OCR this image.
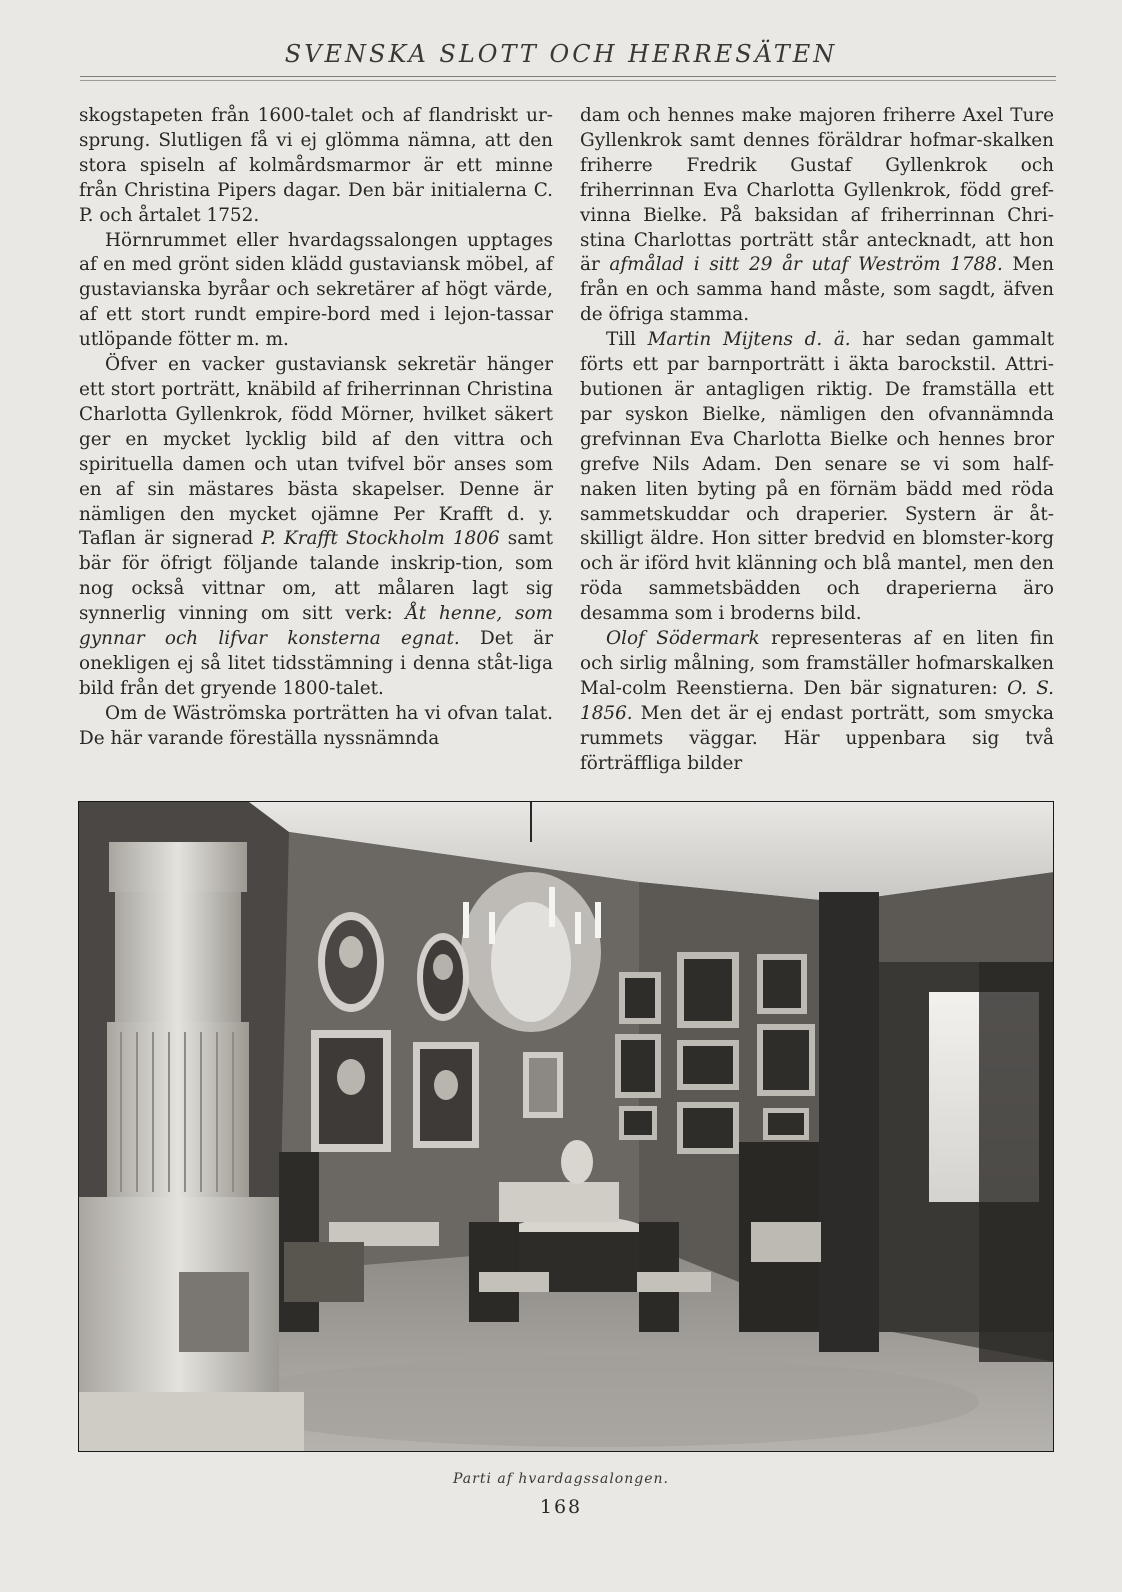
SVENSKA SLOTT OCH HERRESÄTEN

skogstapeten från 1600-talet och af flandriskt ur-sprung. Slutligen få vi ej glömma nämna, att den stora spiseln af kolmårdsmarmor är ett minne från Christina Pipers dagar. Den bär initialerna C. P. och årtalet 1752.

Hörnrummet eller hvardagssalongen upptages af en med grönt siden klädd gustaviansk möbel, af gustavianska byråar och sekretärer af högt värde, af ett stort rundt empire-bord med i lejon-tassar utlöpande fötter m. m.

Öfver en vacker gustaviansk sekretär hänger ett stort porträtt, knäbild af friherrinnan Christina Charlotta Gyllenkrok, född Mörner, hvilket säkert ger en mycket lycklig bild af den vittra och spirituella damen och utan tvifvel bör anses som en af sin mästares bästa skapelser. Denne är nämligen den mycket ojämne Per Krafft d. y. Taflan är signerad P. Krafft Stockholm 1806 samt bär för öfrigt följande talande inskrip-tion, som nog också vittnar om, att målaren lagt sig synnerlig vinning om sitt verk: Åt henne, som gynnar och lifvar konsterna egnat. Det är onekligen ej så litet tidsstämning i denna ståt-liga bild från det gryende 1800-talet.

Om de Wäströmska porträtten ha vi ofvan talat. De här varande föreställa nyssnämnda

dam och hennes make majoren friherre Axel Ture Gyllenkrok samt dennes föräldrar hofmar-skalken friherre Fredrik Gustaf Gyllenkrok och friherrinnan Eva Charlotta Gyllenkrok, född gref-vinna Bielke. På baksidan af friherrinnan Chri-stina Charlottas porträtt står antecknadt, att hon är afmålad i sitt 29 år utaf Weström 1788. Men från en och samma hand måste, som sagdt, äfven de öfriga stamma.

Till Martin Mijtens d. ä. har sedan gammalt förts ett par barnporträtt i äkta barockstil. Attri-butionen är antagligen riktig. De framställa ett par syskon Bielke, nämligen den ofvannämnda grefvinnan Eva Charlotta Bielke och hennes bror grefve Nils Adam. Den senare se vi som half-naken liten byting på en förnäm bädd med röda sammetskuddar och draperier. Systern är åt-skilligt äldre. Hon sitter bredvid en blomster-korg och är iförd hvit klänning och blå mantel, men den röda sammetsbädden och draperierna äro desamma som i broderns bild.

Olof Södermark representeras af en liten fin och sirlig målning, som framställer hofmarskalken Mal-colm Reenstierna. Den bär signaturen: O. S. 1856. Men det är ej endast porträtt, som smycka rummets väggar. Här uppenbara sig två förträffliga bilder

Parti af hvardagssalongen.
168
